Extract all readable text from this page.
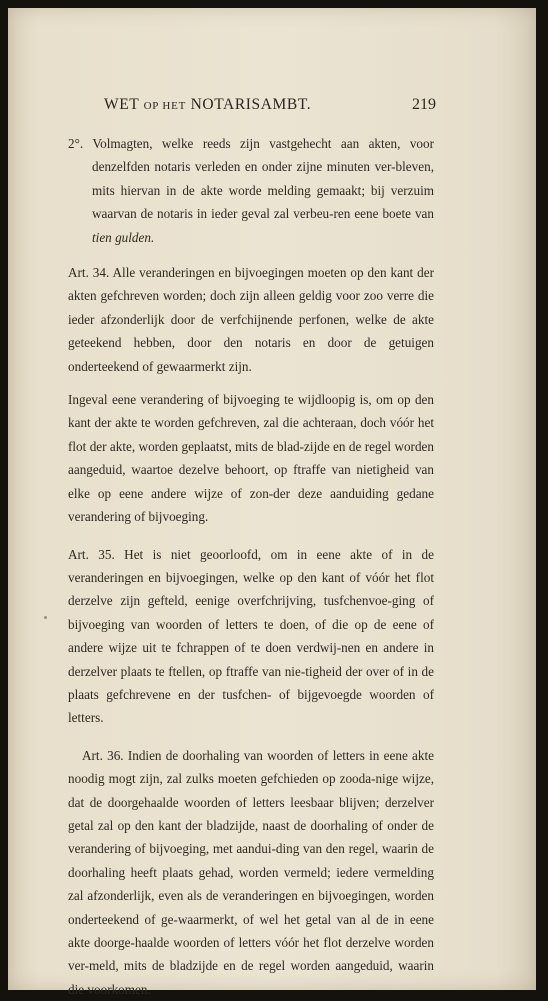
WET OP HET NOTARISAMBT.	219

2°. Volmagten, welke reeds zijn vastgehecht aan akten, voor denzelfden notaris verleden en onder zijne minuten ver-bleven, mits hiervan in de akte worde melding gemaakt; bij verzuim waarvan de notaris in ieder geval zal verbeu-ren eene boete van tien gulden.

Art. 34. Alle veranderingen en bijvoegingen moeten op den kant der akten gefchreven worden; doch zijn alleen geldig voor zoo verre die ieder afzonderlijk door de verfchijnende perfonen, welke de akte geteekend hebben, door den notaris en door de getuigen onderteekend of gewaarmerkt zijn.

Ingeval eene verandering of bijvoeging te wijdloopig is, om op den kant der akte te worden gefchreven, zal die achteraan, doch vóór het flot der akte, worden geplaatst, mits de blad-zijde en de regel worden aangeduid, waartoe dezelve behoort, op ftraffe van nietigheid van elke op eene andere wijze of zon-der deze aanduiding gedane verandering of bijvoeging.

Art. 35. Het is niet geoorloofd, om in eene akte of in de veranderingen en bijvoegingen, welke op den kant of vóór het flot derzelve zijn gefteld, eenige overfchrijving, tusfchenvoe-ging of bijvoeging van woorden of letters te doen, of die op de eene of andere wijze uit te fchrappen of te doen verdwij-nen en andere in derzelver plaats te ftellen, op ftraffe van nie-tigheid der over of in de plaats gefchrevene en der tusfchen- of bijgevoegde woorden of letters.

Art. 36. Indien de doorhaling van woorden of letters in eene akte noodig mogt zijn, zal zulks moeten gefchieden op zooda-nige wijze, dat de doorgehaalde woorden of letters leesbaar blijven; derzelver getal zal op den kant der bladzijde, naast de doorhaling of onder de verandering of bijvoeging, met aandui-ding van den regel, waarin de doorhaling heeft plaats gehad, worden vermeld; iedere vermelding zal afzonderlijk, even als de veranderingen en bijvoegingen, worden onderteekend of ge-waarmerkt, of wel het getal van al de in eene akte doorge-haalde woorden of letters vóór het flot derzelve worden ver-meld, mits de bladzijde en de regel worden aangeduid, waarin die voorkomen.
